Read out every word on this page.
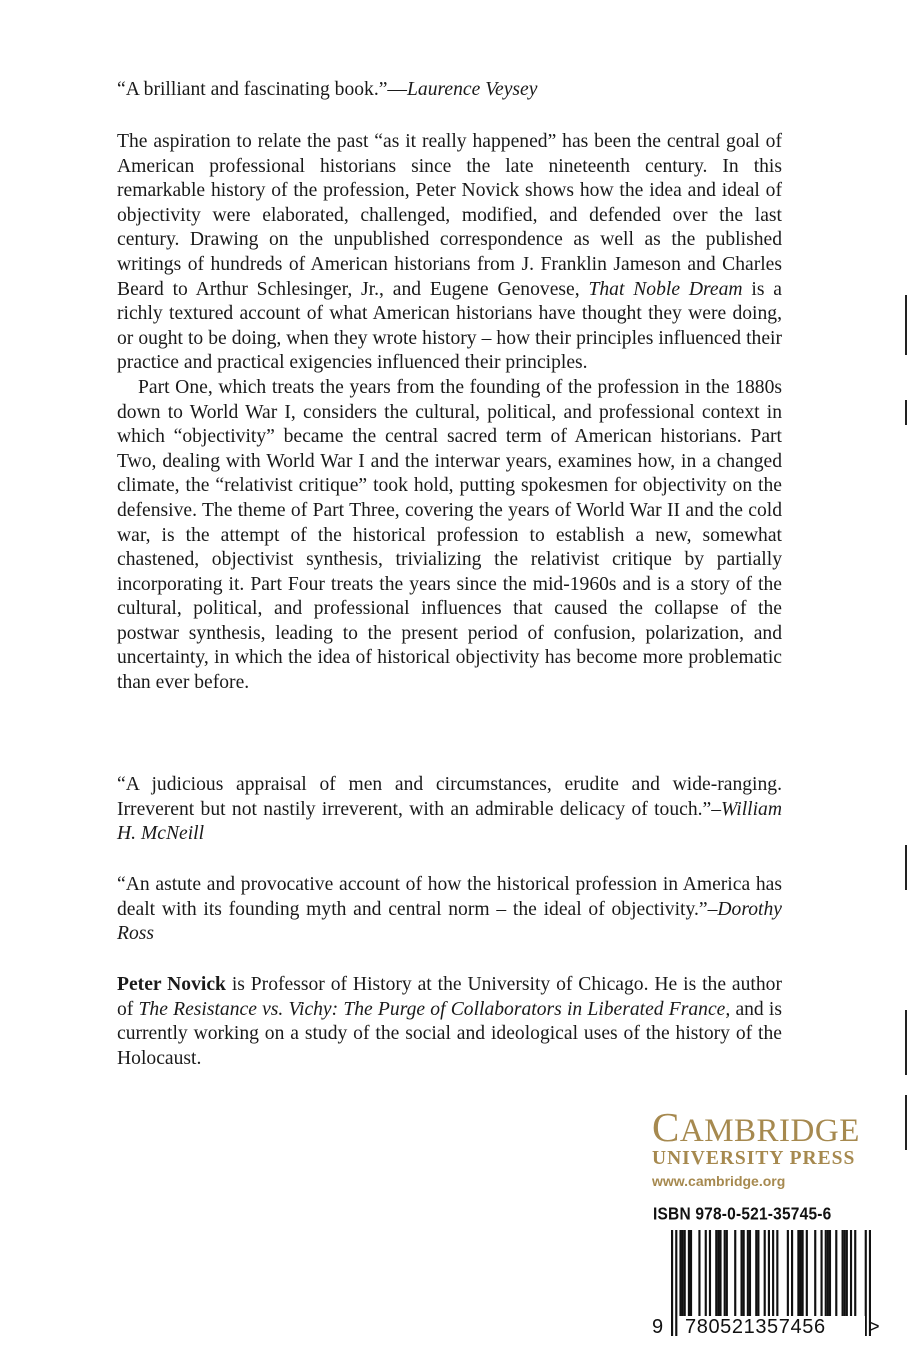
“A brilliant and fascinating book.”—Laurence Veysey

The aspiration to relate the past “as it really happened” has been the central goal of American professional historians since the late nineteenth century. In this remarkable history of the profession, Peter Novick shows how the idea and ideal of objectivity were elaborated, challenged, modified, and defended over the last century. Drawing on the unpublished correspondence as well as the published writings of hundreds of American historians from J. Franklin Jameson and Charles Beard to Arthur Schlesinger, Jr., and Eugene Genovese, That Noble Dream is a richly textured account of what American historians have thought they were doing, or ought to be doing, when they wrote history – how their principles influenced their practice and practical exigencies influenced their principles.

Part One, which treats the years from the founding of the profession in the 1880s down to World War I, considers the cultural, political, and professional context in which “objectivity” became the central sacred term of American historians. Part Two, dealing with World War I and the interwar years, examines how, in a changed climate, the “relativist critique” took hold, putting spokesmen for objectivity on the defensive. The theme of Part Three, covering the years of World War II and the cold war, is the attempt of the historical profession to establish a new, somewhat chastened, objectivist synthesis, trivializing the relativist critique by partially incorporating it. Part Four treats the years since the mid-1960s and is a story of the cultural, political, and professional influences that caused the collapse of the postwar synthesis, leading to the present period of confusion, polarization, and uncertainty, in which the idea of historical objectivity has become more problematic than ever before.

“A judicious appraisal of men and circumstances, erudite and wide-ranging. Irreverent but not nastily irreverent, with an admirable delicacy of touch.”–William H. McNeill

“An astute and provocative account of how the historical profession in America has dealt with its founding myth and central norm – the ideal of objectivity.”–Dorothy Ross

Peter Novick is Professor of History at the University of Chicago. He is the author of The Resistance vs. Vichy: The Purge of Collaborators in Liberated France, and is currently working on a study of the social and ideological uses of the history of the Holocaust.

CAMBRIDGE
UNIVERSITY PRESS
www.cambridge.org
ISBN 978-0-521-35745-6
9 780521357456	>
